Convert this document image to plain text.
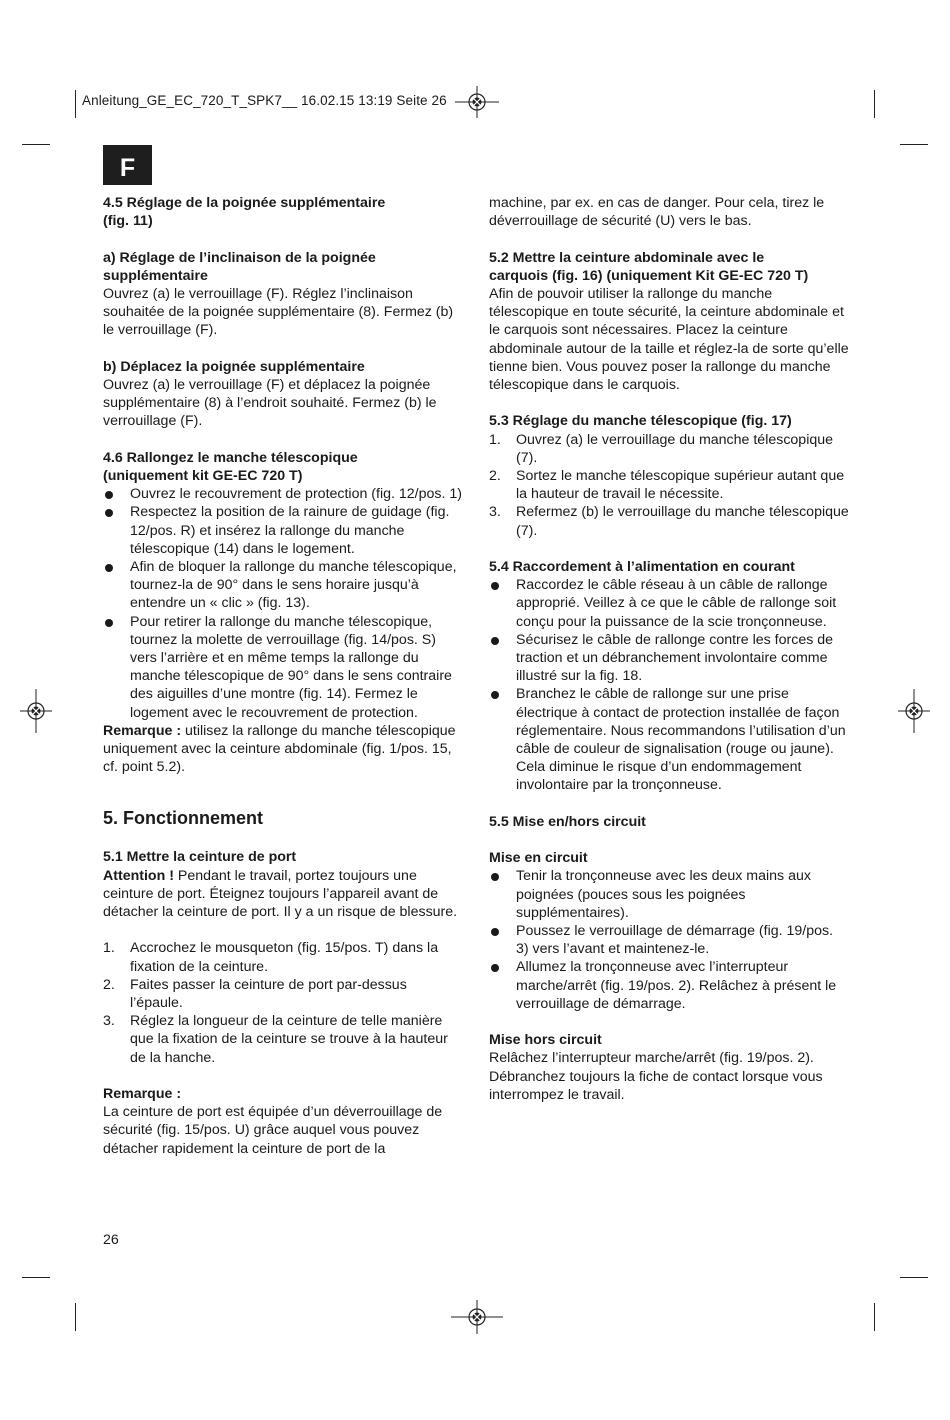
Anleitung_GE_EC_720_T_SPK7__ 16.02.15 13:19 Seite 26
F

4.5 Réglage de la poignée supplémentaire
(fig. 11)

a) Réglage de l’inclinaison de la poignée
supplémentaire

Ouvrez (a) le verrouillage (F). Réglez l’inclinaison souhaitée de la poignée supplémentaire (8). Fermez (b) le verrouillage (F).

b) Déplacez la poignée supplémentaire

Ouvrez (a) le verrouillage (F) et déplacez la poignée supplémentaire (8) à l’endroit souhaité. Fermez (b) le verrouillage (F).

4.6 Rallongez le manche télescopique
(uniquement kit GE-EC 720 T)

Ouvrez le recouvrement de protection (fig. 12/pos. 1)
Respectez la position de la rainure de guidage (fig. 12/pos. R) et insérez la rallonge du manche télescopique (14) dans le logement.
Afin de bloquer la rallonge du manche télescopique, tournez-la de 90° dans le sens horaire jusqu’à entendre un « clic » (fig. 13).
Pour retirer la rallonge du manche télescopique, tournez la molette de verrouillage (fig. 14/pos. S) vers l’arrière et en même temps la rallonge du manche télescopique de 90° dans le sens contraire des aiguilles d’une montre (fig. 14). Fermez le logement avec le recouvrement de protection.

Remarque : utilisez la rallonge du manche télescopique uniquement avec la ceinture abdominale (fig. 1/pos. 15, cf. point 5.2).

5. Fonctionnement

5.1 Mettre la ceinture de port

Attention ! Pendant le travail, portez toujours une ceinture de port. Éteignez toujours l’appareil avant de détacher la ceinture de port. Il y a un risque de blessure.

1. Accrochez le mousqueton (fig. 15/pos. T) dans la fixation de la ceinture.
2. Faites passer la ceinture de port par-dessus l’épaule.
3. Réglez la longueur de la ceinture de telle manière que la fixation de la ceinture se trouve à la hauteur de la hanche.

Remarque :

La ceinture de port est équipée d’un déverrouillage de sécurité (fig. 15/pos. U) grâce auquel vous pouvez détacher rapidement la ceinture de port de la

machine, par ex. en cas de danger. Pour cela, tirez le déverrouillage de sécurité (U) vers le bas.

5.2 Mettre la ceinture abdominale avec le
carquois (fig. 16) (uniquement Kit GE-EC 720 T)

Afin de pouvoir utiliser la rallonge du manche télescopique en toute sécurité, la ceinture abdominale et le carquois sont nécessaires. Placez la ceinture abdominale autour de la taille et réglez-la de sorte qu’elle tienne bien. Vous pouvez poser la rallonge du manche télescopique dans le carquois.

5.3 Réglage du manche télescopique (fig. 17)

1. Ouvrez (a) le verrouillage du manche télescopique (7).
2. Sortez le manche télescopique supérieur autant que la hauteur de travail le nécessite.
3. Refermez (b) le verrouillage du manche télescopique (7).

5.4 Raccordement à l’alimentation en courant

Raccordez le câble réseau à un câble de rallonge approprié. Veillez à ce que le câble de rallonge soit conçu pour la puissance de la scie tronçonneuse.
Sécurisez le câble de rallonge contre les forces de traction et un débranchement involontaire comme illustré sur la fig. 18.
Branchez le câble de rallonge sur une prise électrique à contact de protection installée de façon réglementaire. Nous recommandons l’utilisation d’un câble de couleur de signalisation (rouge ou jaune). Cela diminue le risque d’un endommagement involontaire par la tronçonneuse.

5.5 Mise en/hors circuit

Mise en circuit

Tenir la tronçonneuse avec les deux mains aux poignées (pouces sous les poignées supplémentaires).
Poussez le verrouillage de démarrage (fig. 19/pos. 3) vers l’avant et maintenez-le.
Allumez la tronçonneuse avec l’interrupteur marche/arrêt (fig. 19/pos. 2). Relâchez à présent le verrouillage de démarrage.

Mise hors circuit

Relâchez l’interrupteur marche/arrêt (fig. 19/pos. 2). Débranchez toujours la fiche de contact lorsque vous interrompez le travail.

26
